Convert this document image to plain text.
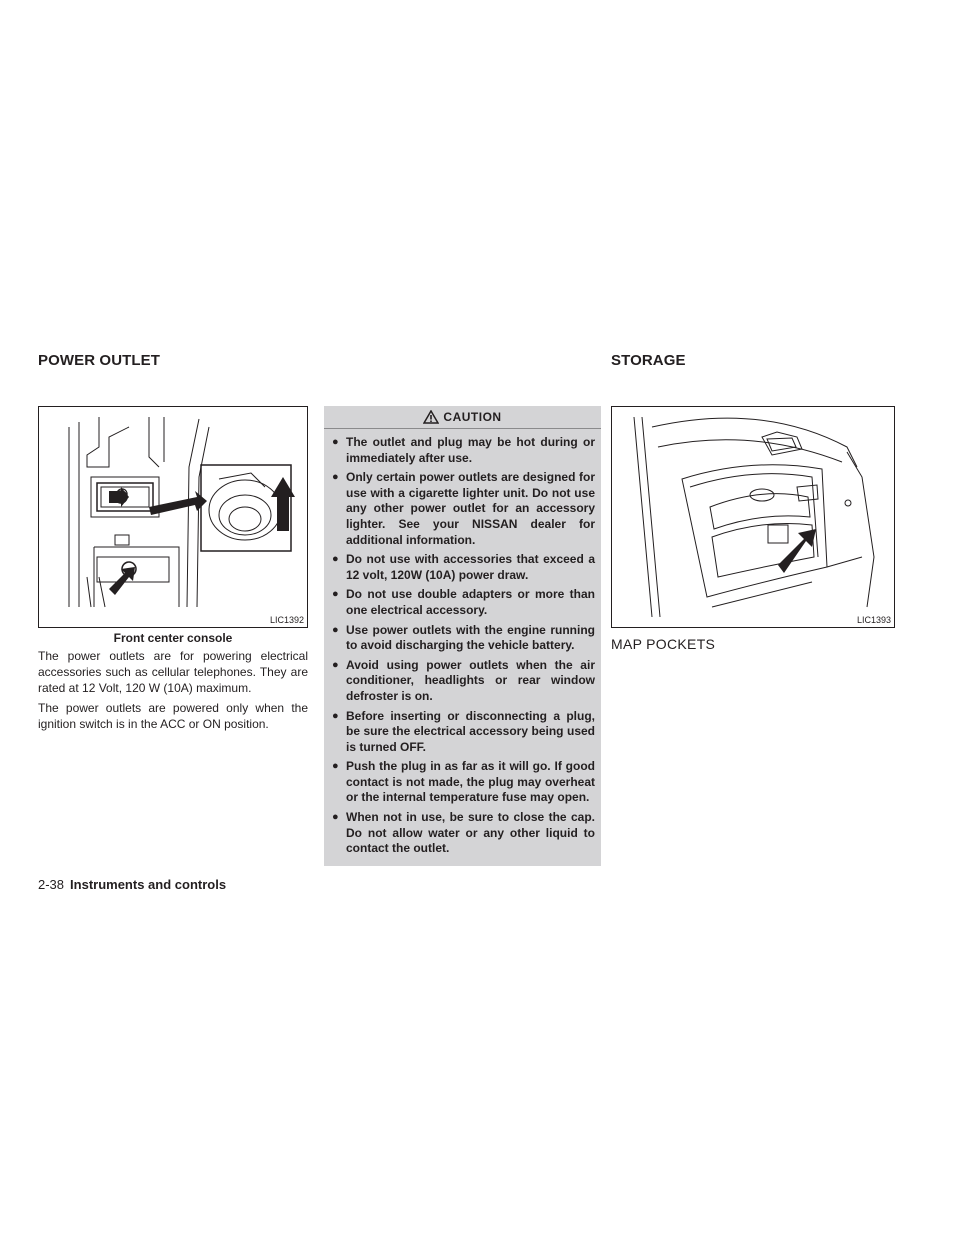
POWER OUTLET	STORAGE
LIC1392
Front center console

The power outlets are for powering electrical accessories such as cellular telephones. They are rated at 12 Volt, 120 W (10A) maximum.

The power outlets are powered only when the ignition switch is in the ACC or ON position.

CAUTION
● The outlet and plug may be hot during or immediately after use.
● Only certain power outlets are designed for use with a cigarette lighter unit. Do not use any other power outlet for an accessory lighter. See your NISSAN dealer for additional information.
● Do not use with accessories that exceed a 12 volt, 120W (10A) power draw.
● Do not use double adapters or more than one electrical accessory.
● Use power outlets with the engine running to avoid discharging the vehicle battery.
● Avoid using power outlets when the air conditioner, headlights or rear window defroster is on.
● Before inserting or disconnecting a plug, be sure the electrical accessory being used is turned OFF.
● Push the plug in as far as it will go. If good contact is not made, the plug may overheat or the internal temperature fuse may open.
● When not in use, be sure to close the cap. Do not allow water or any other liquid to contact the outlet.
LIC1393
MAP POCKETS
2-38 Instruments and controls
